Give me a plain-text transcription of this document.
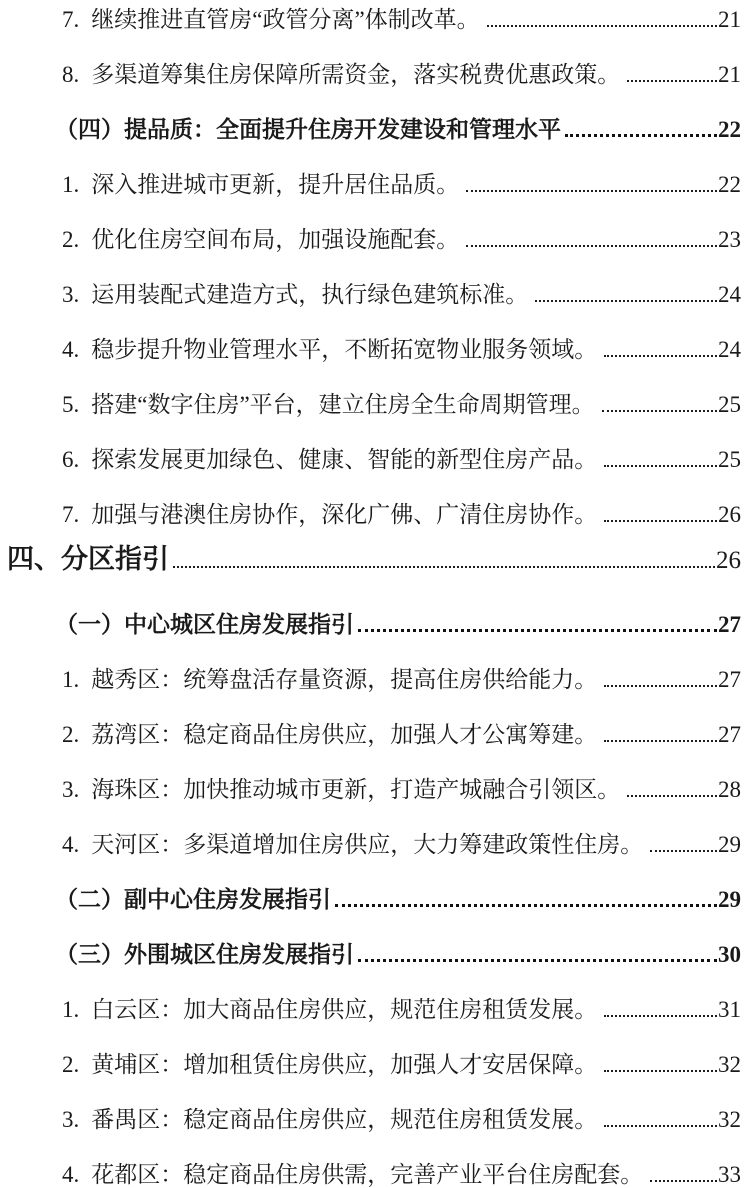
7. 继续推进直管房“政管分离”体制改革。	21
8. 多渠道筹集住房保障所需资金，落实税费优惠政策。	21
（四）提品质：全面提升住房开发建设和管理水平	22
1. 深入推进城市更新，提升居住品质。	22
2. 优化住房空间布局，加强设施配套。	23
3. 运用装配式建造方式，执行绿色建筑标准。	24
4. 稳步提升物业管理水平，不断拓宽物业服务领域。	24
5. 搭建“数字住房”平台，建立住房全生命周期管理。	25
6. 探索发展更加绿色、健康、智能的新型住房产品。	25
7. 加强与港澳住房协作，深化广佛、广清住房协作。	26
四、分区指引	26
（一）中心城区住房发展指引	27
1. 越秀区：统筹盘活存量资源，提高住房供给能力。	27
2. 荔湾区：稳定商品住房供应，加强人才公寓筹建。	27
3. 海珠区：加快推动城市更新，打造产城融合引领区。	28
4. 天河区：多渠道增加住房供应，大力筹建政策性住房。	29
（二）副中心住房发展指引	29
（三）外围城区住房发展指引	30
1. 白云区：加大商品住房供应，规范住房租赁发展。	31
2. 黄埔区：增加租赁住房供应，加强人才安居保障。	32
3. 番禺区：稳定商品住房供应，规范住房租赁发展。	32
4. 花都区：稳定商品住房供需，完善产业平台住房配套。	33
